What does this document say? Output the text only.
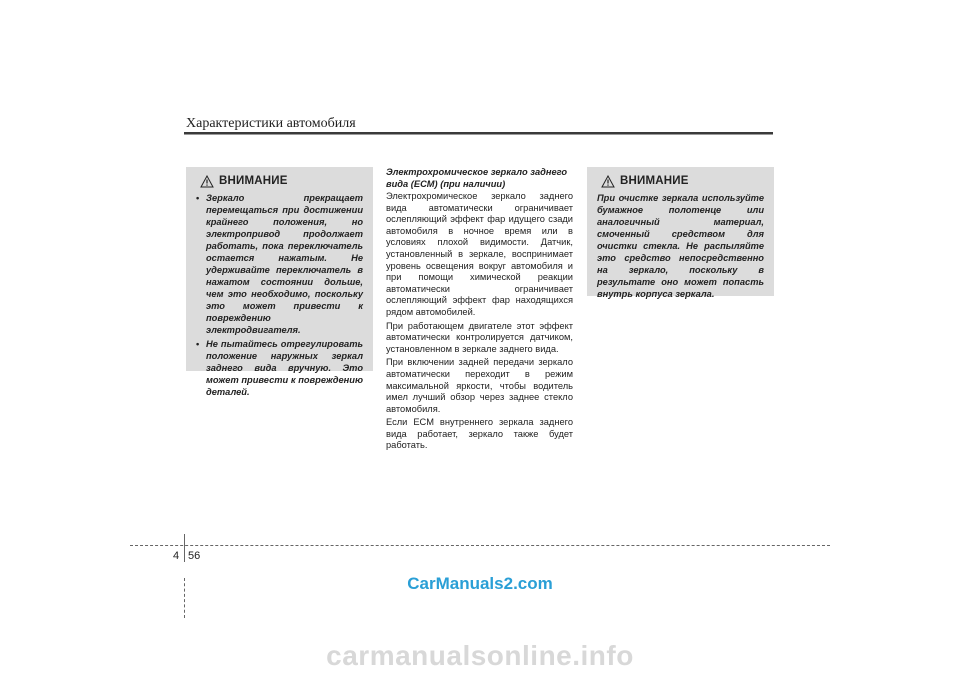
Характеристики автомобиля
ВНИМАНИЕ
• Зеркало прекращает перемещаться при достижении крайнего положения, но электропривод продолжает работать, пока переключатель остается нажатым. Не удерживайте переключатель в нажатом состоянии дольше, чем это необходимо, поскольку это может привести к повреждению электродвигателя.
• Не пытайтесь отрегулировать положение наружных зеркал заднего вида вручную. Это может привести к повреждению деталей.
Электрохромическое зеркало заднего вида (ECM) (при наличии)

Электрохромическое зеркало заднего вида автоматически ограничивает ослепляющий эффект фар идущего сзади автомобиля в ночное время или в условиях плохой видимости. Датчик, установленный в зеркале, воспринимает уровень освещения вокруг автомобиля и при помощи химической реакции автоматически ограничивает ослепляющий эффект фар находящихся рядом автомобилей.

При работающем двигателе этот эффект автоматически контролируется датчиком, установленном в зеркале заднего вида.

При включении задней передачи зеркало автоматически переходит в режим максимальной яркости, чтобы водитель имел лучший обзор через заднее стекло автомобиля.

Если ECM внутреннего зеркала заднего вида работает, зеркало также будет работать.

ВНИМАНИЕ

При очистке зеркала используйте бумажное полотенце или аналогичный материал, смоченный средством для очистки стекла. Не распыляйте это средство непосредственно на зеркало, поскольку в результате оно может попасть внутрь корпуса зеркала.

4 56
CarManuals2.com
carmanualsonline.info
